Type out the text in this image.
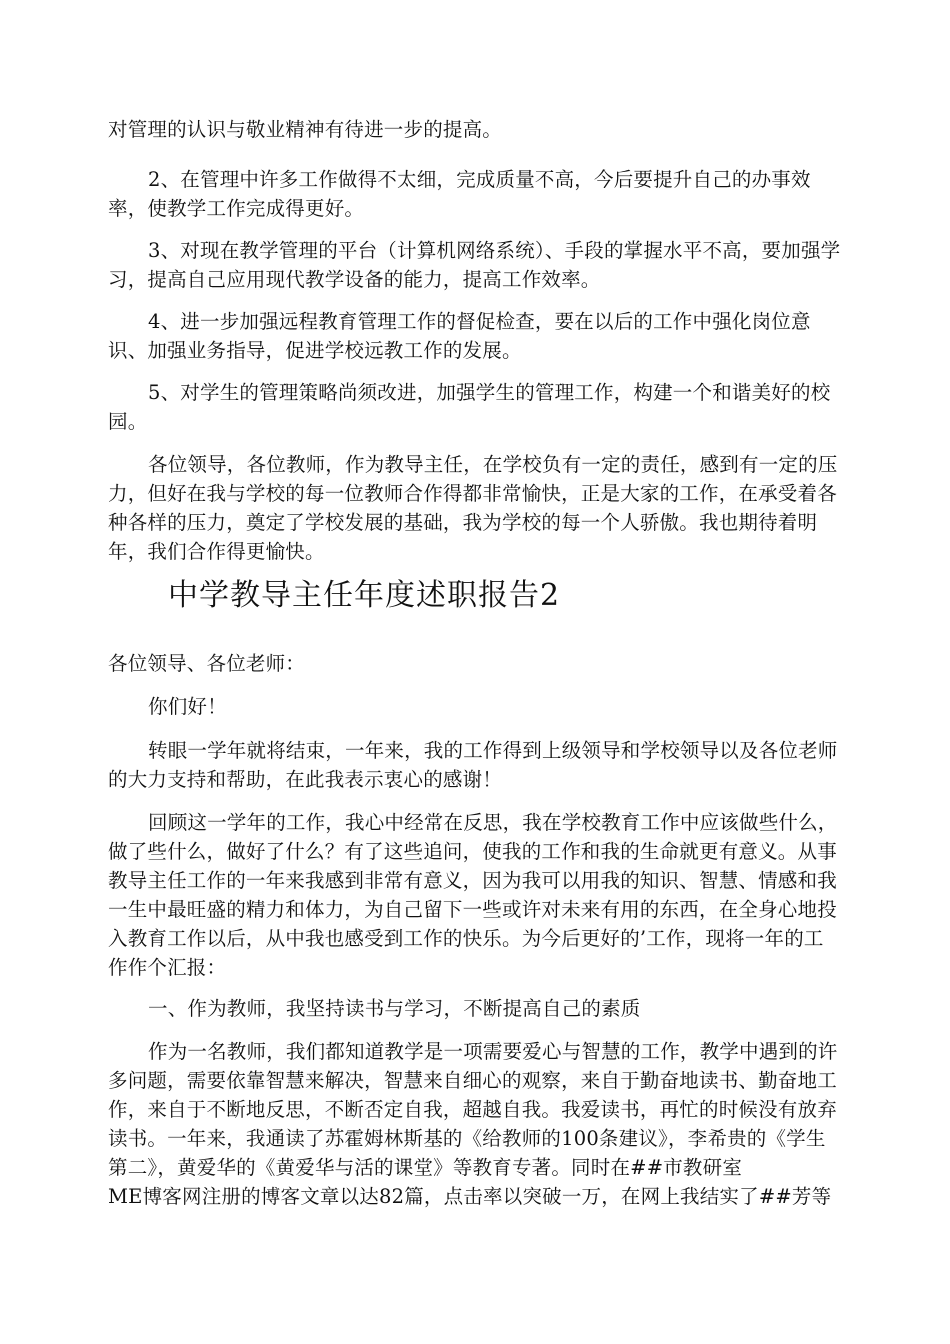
对管理的认识与敬业精神有待进一步的提高。

2、在管理中许多工作做得不太细，完成质量不高，今后要提升自己的办事效率，使教学工作完成得更好。

3、对现在教学管理的平台（计算机网络系统）、手段的掌握水平不高，要加强学习，提高自己应用现代教学设备的能力，提高工作效率。

4、进一步加强远程教育管理工作的督促检查，要在以后的工作中强化岗位意识、加强业务指导，促进学校远教工作的发展。

5、对学生的管理策略尚须改进，加强学生的管理工作，构建一个和谐美好的校园。

各位领导，各位教师，作为教导主任，在学校负有一定的责任，感到有一定的压力，但好在我与学校的每一位教师合作得都非常愉快，正是大家的工作，在承受着各种各样的压力，奠定了学校发展的基础，我为学校的每一个人骄傲。我也期待着明年，我们合作得更愉快。

中学教导主任年度述职报告2

各位领导、各位老师：

你们好！

转眼一学年就将结束，一年来，我的工作得到上级领导和学校领导以及各位老师的大力支持和帮助，在此我表示衷心的感谢！

回顾这一学年的工作，我心中经常在反思，我在学校教育工作中应该做些什么，做了些什么，做好了什么？有了这些追问，使我的工作和我的生命就更有意义。从事教导主任工作的一年来我感到非常有意义，因为我可以用我的知识、智慧、情感和我一生中最旺盛的精力和体力，为自己留下一些或许对未来有用的东西，在全身心地投入教育工作以后，从中我也感受到工作的快乐。为今后更好的’工作，现将一年的工作作个汇报：

一、作为教师，我坚持读书与学习，不断提高自己的素质

作为一名教师，我们都知道教学是一项需要爱心与智慧的工作，教学中遇到的许多问题，需要依靠智慧来解决，智慧来自细心的观察，来自于勤奋地读书、勤奋地工作，来自于不断地反思，不断否定自我，超越自我。我爱读书，再忙的时候没有放弃读书。一年来，我通读了苏霍姆林斯基的《给教师的100条建议》，李希贵的《学生第二》，黄爱华的《黄爱华与活的课堂》等教育专著。同时在##市教研室

ME博客网注册的博客文章以达82篇，点击率以突破一万，在网上我结实了##芳等
